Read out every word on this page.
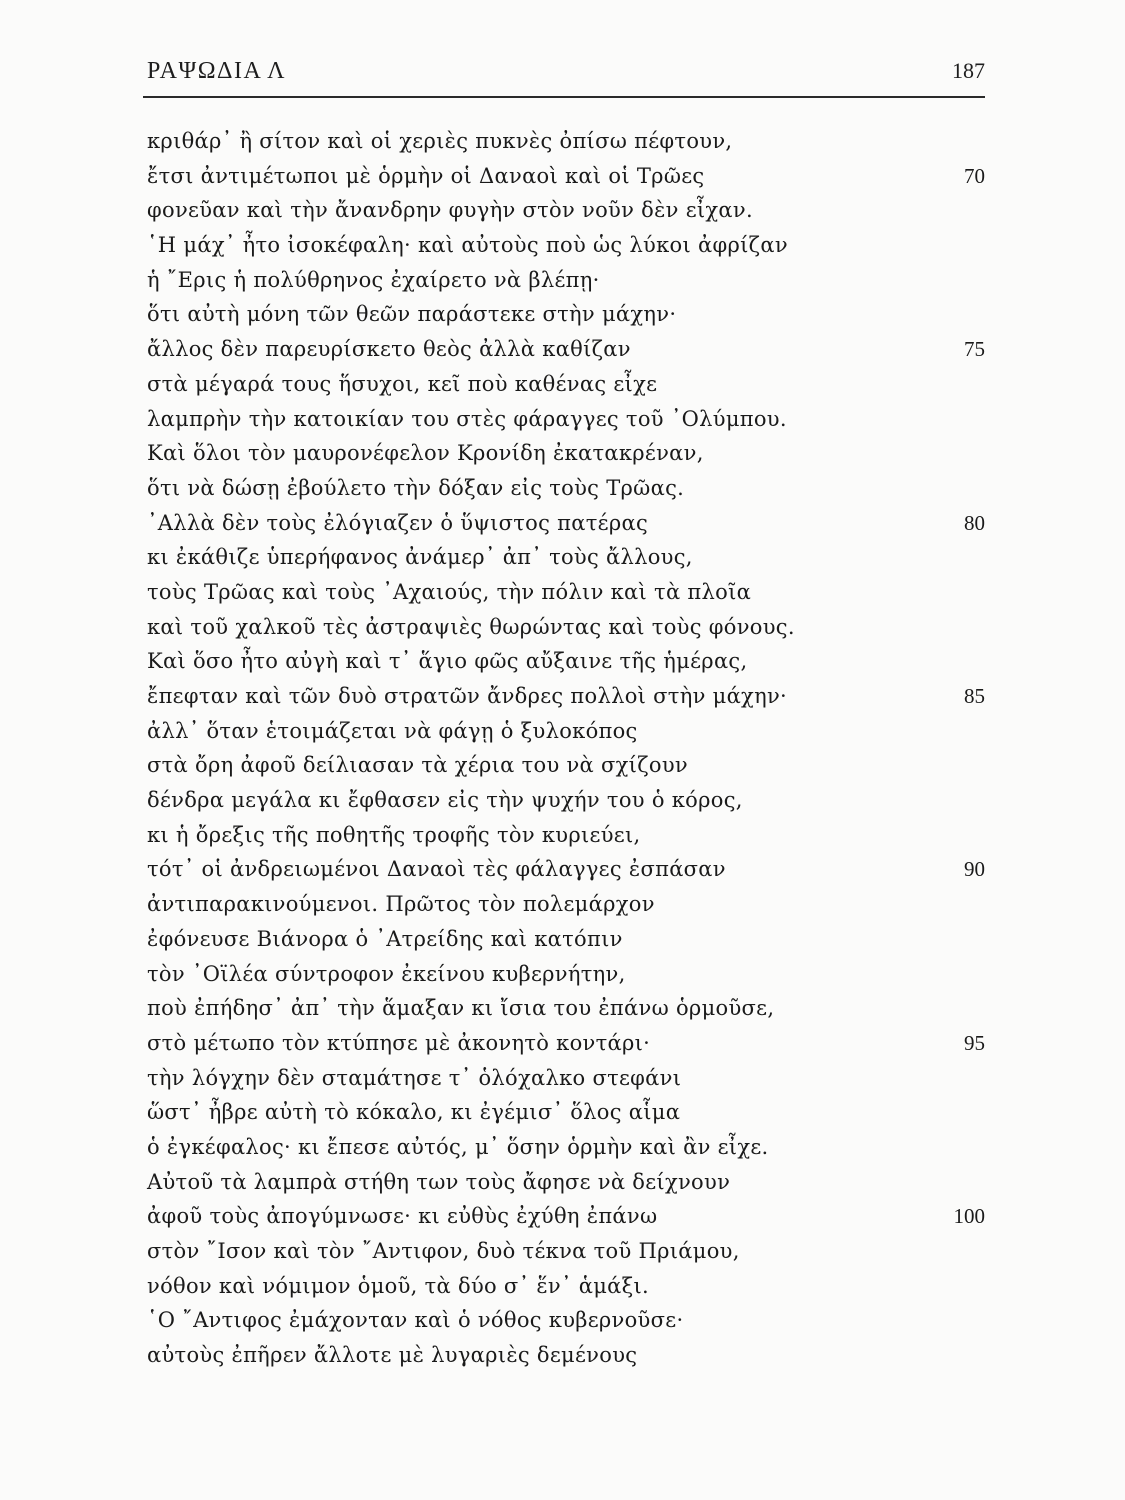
ΡΑΨΩΔΙΑ Λ	187
κριθάρ᾽ ἢ σίτον καὶ οἱ χεριὲς πυκνὲς ὀπίσω πέφτουν,
ἔτσι ἀντιμέτωποι μὲ ὁρμὴν οἱ Δαναοὶ καὶ οἱ Τρῶες	70
φονεῦαν καὶ τὴν ἄνανδρην φυγὴν στὸν νοῦν δὲν εἶχαν.
῾Η μάχ᾽ ἦτο ἰσοκέφαλη· καὶ αὐτοὺς ποὺ ὡς λύκοι ἀφρίζαν
ἡ ῎Ερις ἡ πολύθρηνος ἐχαίρετο νὰ βλέπῃ·
ὅτι αὐτὴ μόνη τῶν θεῶν παράστεκε στὴν μάχην·
ἄλλος δὲν παρευρίσκετο θεὸς ἀλλὰ καθίζαν	75
στὰ μέγαρά τους ἥσυχοι, κεῖ ποὺ καθένας εἶχε
λαμπρὴν τὴν κατοικίαν του στὲς φάραγγες τοῦ ᾽Ολύμπου.
Καὶ ὅλοι τὸν μαυρονέφελον Κρονίδη ἐκατακρέναν,
ὅτι νὰ δώσῃ ἐβούλετο τὴν δόξαν εἰς τοὺς Τρῶας.
᾽Αλλὰ δὲν τοὺς ἐλόγιαζεν ὁ ὕψιστος πατέρας	80
κι ἐκάθιζε ὑπερήφανος ἀνάμερ᾽ ἀπ᾽ τοὺς ἄλλους,
τοὺς Τρῶας καὶ τοὺς ᾽Αχαιούς, τὴν πόλιν καὶ τὰ πλοῖα
καὶ τοῦ χαλκοῦ τὲς ἀστραψιὲς θωρώντας καὶ τοὺς φόνους.
Καὶ ὅσο ἦτο αὐγὴ καὶ τ᾽ ἅγιο φῶς αὔξαινε τῆς ἡμέρας,
ἔπεφταν καὶ τῶν δυὸ στρατῶν ἄνδρες πολλοὶ στὴν μάχην·	85
ἀλλ᾽ ὅταν ἑτοιμάζεται νὰ φάγῃ ὁ ξυλοκόπος
στὰ ὄρη ἀφοῦ δείλιασαν τὰ χέρια του νὰ σχίζουν
δένδρα μεγάλα κι ἔφθασεν εἰς τὴν ψυχήν του ὁ κόρος,
κι ἡ ὄρεξις τῆς ποθητῆς τροφῆς τὸν κυριεύει,
τότ᾽ οἱ ἀνδρειωμένοι Δαναοὶ τὲς φάλαγγες ἐσπάσαν	90
ἀντιπαρακινούμενοι. Πρῶτος τὸν πολεμάρχον
ἐφόνευσε Βιάνορα ὁ ᾽Ατρείδης καὶ κατόπιν
τὸν ᾽Οϊλέα σύντροφον ἐκείνου κυβερνήτην,
ποὺ ἐπήδησ᾽ ἀπ᾽ τὴν ἅμαξαν κι ἴσια του ἐπάνω ὁρμοῦσε,
στὸ μέτωπο τὸν κτύπησε μὲ ἀκονητὸ κοντάρι·	95
τὴν λόγχην δὲν σταμάτησε τ᾽ ὁλόχαλκο στεφάνι
ὥστ᾽ ἦβρε αὐτὴ τὸ κόκαλο, κι ἐγέμισ᾽ ὅλος αἷμα
ὁ ἐγκέφαλος· κι ἔπεσε αὐτός, μ᾽ ὅσην ὁρμὴν καὶ ἂν εἶχε.
Αὐτοῦ τὰ λαμπρὰ στήθη των τοὺς ἄφησε νὰ δείχνουν
ἀφοῦ τοὺς ἀπογύμνωσε· κι εὐθὺς ἐχύθη ἐπάνω	100
στὸν ῎Ισον καὶ τὸν ῎Αντιφον, δυὸ τέκνα τοῦ Πριάμου,
νόθον καὶ νόμιμον ὁμοῦ, τὰ δύο σ᾽ ἕν᾽ ἁμάξι.
῾Ο ῎Αντιφος ἐμάχονταν καὶ ὁ νόθος κυβερνοῦσε·
αὐτοὺς ἐπῆρεν ἄλλοτε μὲ λυγαριὲς δεμένους
